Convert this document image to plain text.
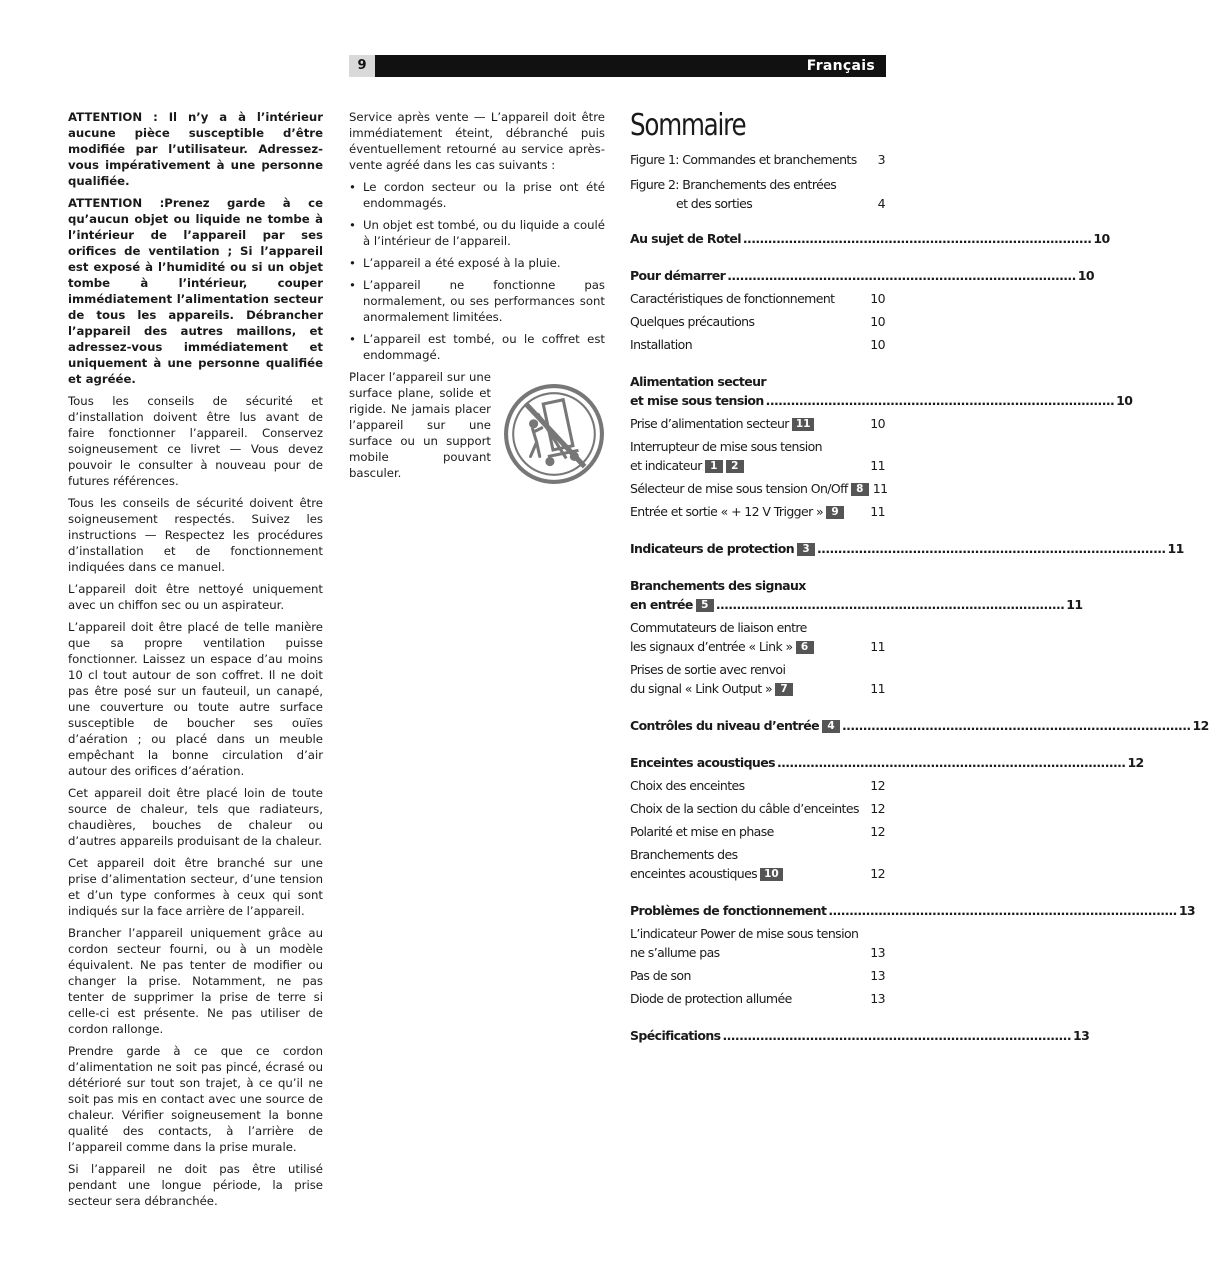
9	Français

ATTENTION : Il n’y a à l’intérieur aucune pièce susceptible d’être modifiée par l’utilisateur. Adressez-vous impérativement à une personne qualifiée.

ATTENTION :Prenez garde à ce qu’aucun objet ou liquide ne tombe à l’intérieur de l’appareil par ses orifices de ventilation ; Si l’appareil est exposé à l’humidité ou si un objet tombe à l’intérieur, couper immédiatement l’alimentation secteur de tous les appareils. Débrancher l’appareil des autres maillons, et adressez-vous immédiatement et uniquement à une personne qualifiée et agréée.

Tous les conseils de sécurité et d’installation doivent être lus avant de faire fonctionner l’appareil. Conservez soigneusement ce livret — Vous devez pouvoir le consulter à nouveau pour de futures références.

Tous les conseils de sécurité doivent être soigneusement respectés. Suivez les instructions — Respectez les procédures d’installation et de fonctionnement indiquées dans ce manuel.

L’appareil doit être nettoyé uniquement avec un chiffon sec ou un aspirateur.

L’appareil doit être placé de telle manière que sa propre ventilation puisse fonctionner. Laissez un espace d’au moins 10 cl tout autour de son coffret. Il ne doit pas être posé sur un fauteuil, un canapé, une couverture ou toute autre surface susceptible de boucher ses ouïes d’aération ; ou placé dans un meuble empêchant la bonne circulation d’air autour des orifices d’aération.

Cet appareil doit être placé loin de toute source de chaleur, tels que radiateurs, chaudières, bouches de chaleur ou d’autres appareils produisant de la chaleur.

Cet appareil doit être branché sur une prise d’alimentation secteur, d’une tension et d’un type conformes à ceux qui sont indiqués sur la face arrière de l’appareil.

Brancher l’appareil uniquement grâce au cordon secteur fourni, ou à un modèle équivalent. Ne pas tenter de modifier ou changer la prise. Notamment, ne pas tenter de supprimer la prise de terre si celle-ci est présente. Ne pas utiliser de cordon rallonge.

Prendre garde à ce que ce cordon d’alimentation ne soit pas pincé, écrasé ou détérioré sur tout son trajet, à ce qu’il ne soit pas mis en contact avec une source de chaleur. Vérifier soigneusement la bonne qualité des contacts, à l’arrière de l’appareil comme dans la prise murale.

Si l’appareil ne doit pas être utilisé pendant une longue période, la prise secteur sera débranchée.

Service après vente — L’appareil doit être immédiatement éteint, débranché puis éventuellement retourné au service après-vente agréé dans les cas suivants :

• Le cordon secteur ou la prise ont été endommagés.
• Un objet est tombé, ou du liquide a coulé à l’intérieur de l’appareil.
• L’appareil a été exposé à la pluie.
• L’appareil ne fonctionne pas normalement, ou ses performances sont anormalement limitées.
• L’appareil est tombé, ou le coffret est endommagé.
Placer l’appareil sur une surface plane, solide et rigide. Ne jamais placer l’appareil sur une surface ou un support mobile pouvant basculer.
Sommaire
Figure 1: Commandes et branchements 3
Figure 2: Branchements des entrées
et des sorties	4
Au sujet de Rotel .................................................................................... 10
Pour démarrer .................................................................................... 10
Caractéristiques de fonctionnement	10
Quelques précautions	10
Installation	10
Alimentation secteur
et mise sous tension .................................................................................... 10
Prise d’alimentation secteur 11	10
Interrupteur de mise sous tension
et indicateur 1 2	11
Sélecteur de mise sous tension On/Off 8 11
Entrée et sortie « + 12 V Trigger » 9	11
Indicateurs de protection 3 .................................................................................... 11
Branchements des signaux
en entrée 5 .................................................................................... 11
Commutateurs de liaison entre
les signaux d’entrée « Link » 6	11
Prises de sortie avec renvoi
du signal « Link Output » 7	11
Contrôles du niveau d’entrée 4 .................................................................................... 12
Enceintes acoustiques .................................................................................... 12
Choix des enceintes	12
Choix de la section du câble d’enceintes 12
Polarité et mise en phase	12
Branchements des
enceintes acoustiques 10	12
Problèmes de fonctionnement .................................................................................... 13
L’indicateur Power de mise sous tension
ne s’allume pas	13
Pas de son	13
Diode de protection allumée	13
Spécifications .................................................................................... 13
